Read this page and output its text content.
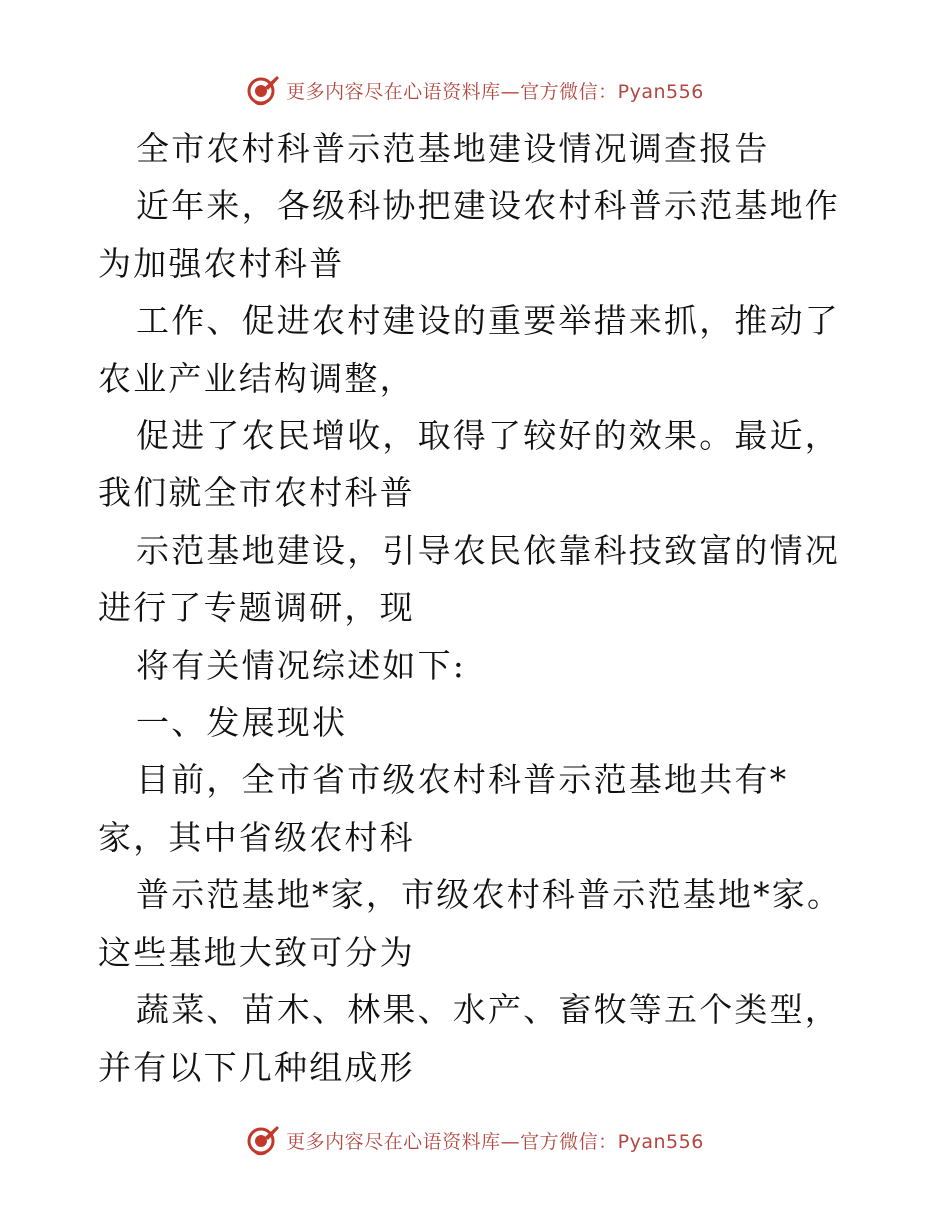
更多内容尽在心语资料库—官方微信：Pyan556

全市农村科普示范基地建设情况调查报告

近年来，各级科协把建设农村科普示范基地作为加强农村科普

工作、促进农村建设的重要举措来抓，推动了农业产业结构调整，

促进了农民增收，取得了较好的效果。最近，我们就全市农村科普

示范基地建设，引导农民依靠科技致富的情况进行了专题调研，现

将有关情况综述如下:

一、发展现状

目前，全市省市级农村科普示范基地共有*家，其中省级农村科

普示范基地*家，市级农村科普示范基地*家。这些基地大致可分为

蔬菜、苗木、林果、水产、畜牧等五个类型，并有以下几种组成形

更多内容尽在心语资料库—官方微信：Pyan556
